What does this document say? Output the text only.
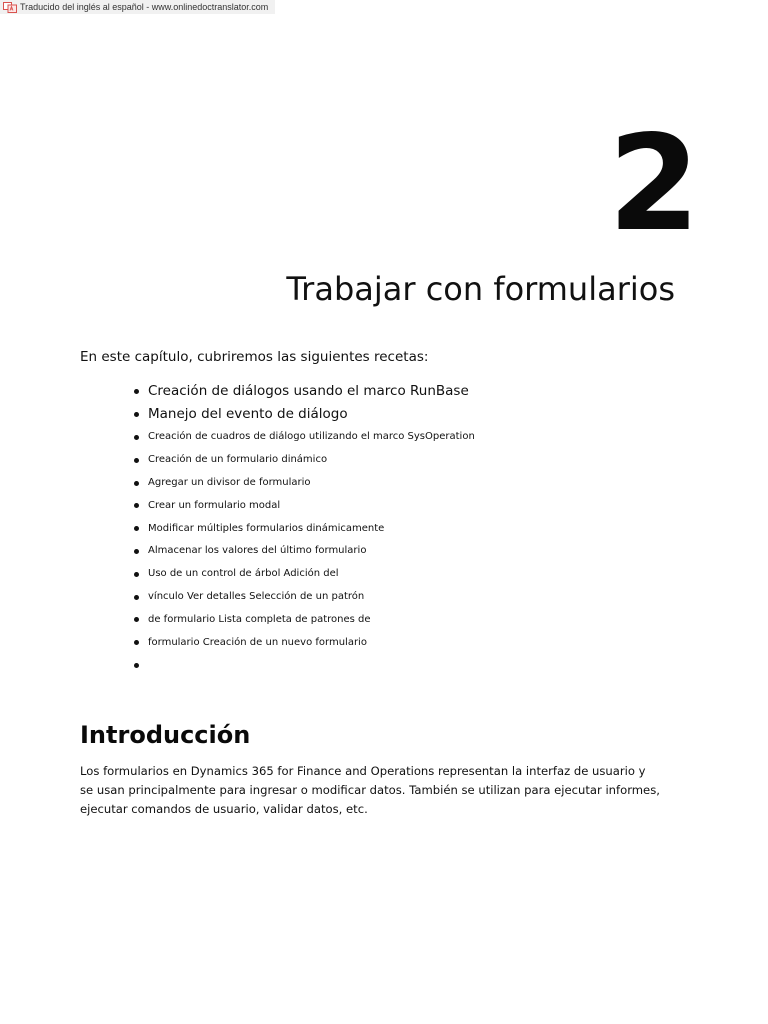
Traducido del inglés al español - www.onlinedoctranslator.com
2
Trabajar con formularios

En este capítulo, cubriremos las siguientes recetas:

Creación de diálogos usando el marco RunBase
Manejo del evento de diálogo
Creación de cuadros de diálogo utilizando el marco SysOperation
Creación de un formulario dinámico
Agregar un divisor de formulario
Crear un formulario modal
Modificar múltiples formularios dinámicamente
Almacenar los valores del último formulario
Uso de un control de árbol Adición del
vínculo Ver detalles Selección de un patrón
de formulario Lista completa de patrones de
formulario Creación de un nuevo formulario
Introducción

Los formularios en Dynamics 365 for Finance and Operations representan la interfaz de usuario y se usan principalmente para ingresar o modificar datos. También se utilizan para ejecutar informes, ejecutar comandos de usuario, validar datos, etc.
